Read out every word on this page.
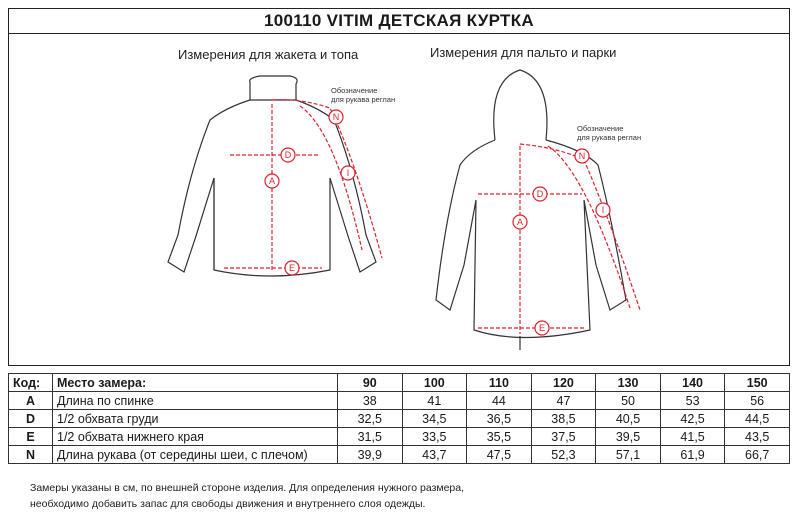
100110 VITIM ДЕТСКАЯ КУРТКА
Измерения для жакета и топа
Обозначение
для рукава реглан
A
D
E
N
I
A
D
E
N
I
Измерения для пальто и парки
Обозначение
для рукава реглан
Код:	Место замера:	90	100	110	120	130	140	150
A	Длина по спинке	38	41	44	47	50	53	56
D	1/2 обхвата груди	32,5	34,5	36,5	38,5	40,5	42,5	44,5
E	1/2 обхвата нижнего края	31,5	33,5	35,5	37,5	39,5	41,5	43,5
N	Длина рукава (от середины шеи, с плечом)	39,9	43,7	47,5	52,3	57,1	61,9	66,7
Замеры указаны в см, по внешней стороне изделия. Для определения нужного размера,
необходимо добавить запас для свободы движения и внутреннего слоя одежды.
